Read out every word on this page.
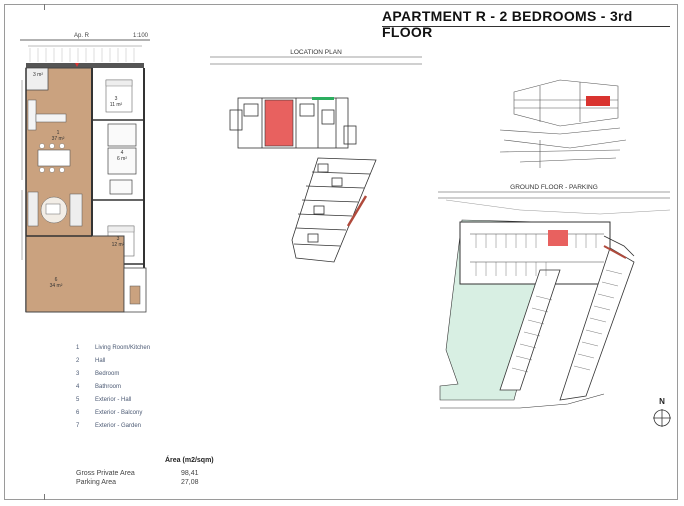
APARTMENT R - 2 BEDROOMS - 3rd FLOOR
Ap. R	1:100
3
11 m²
1
37 m²
4
6 m²
3
12 m²
6
34 m²
3 m²
LOCATION PLAN
GROUND FLOOR - PARKING
1	Living Room/Kitchen
2	Hall
3	Bedroom
4	Bathroom
5	Exterior - Hall
6	Exterior - Balcony
7	Exterior - Garden
Área (m2/sqm)
Gross Private Area	98,41
Parking Area	27,08
N
